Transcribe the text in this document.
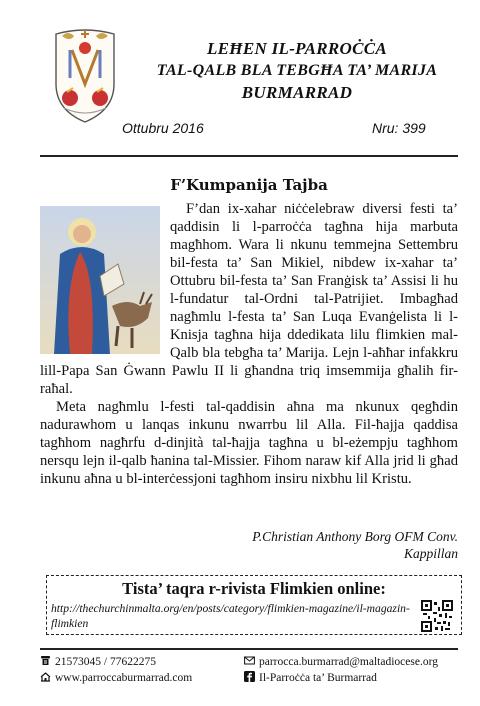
LEĦEN IL-PARROĊĊA
TAL-QALB BLA TEBGĦA TA’ MARIJA
BURMARRAD
Ottubru 2016	Nru: 399
F’Kumpanija Tajba

F’dan ix-xahar niċċelebraw diversi festi ta’ qaddisin li l-parroċċa tagħna hija marbuta magħhom. Wara li nkunu temmejna Settembru bil-festa ta’ San Mikiel, nibdew ix-xahar ta’ Ottubru bil-festa ta’ San Franġisk ta’ Assisi li hu l-fundatur tal-Ordni tal-Patrijiet. Imbagħad nagħmlu l-festa ta’ San Luqa Evanġelista li l-Knisja tagħna hija ddedikata lilu flimkien mal-Qalb bla tebgħa ta’ Marija. Lejn l-aħħar infakkru lill-Papa San Ġwann Pawlu II li għandna triq imsemmija għalih fir-raħal.

Meta nagħmlu l-festi tal-qaddisin aħna ma nkunux qegħdin nadurawhom u lanqas inkunu nwarrbu lil Alla. Fil-ħajja qaddisa tagħhom nagħrfu d-dinjità tal-ħajja tagħna u bl-eżempju tagħhom nersqu lejn il-qalb ħanina tal-Missier. Fihom naraw kif Alla jrid li għad inkunu aħna u bl-interċessjoni tagħhom insiru nixbhu lil Kristu.

P.Christian Anthony Borg OFM Conv.
Kappillan
Tista’ taqra r-rivista Flimkien online:
http://thechurchinmalta.org/en/posts/category/flimkien-magazine/il-magazin-flimkien
21573045 / 77622275
www.parroccaburmarrad.com
parrocca.burmarrad@maltadiocese.org
Il-Parroċċa ta’ Burmarrad
